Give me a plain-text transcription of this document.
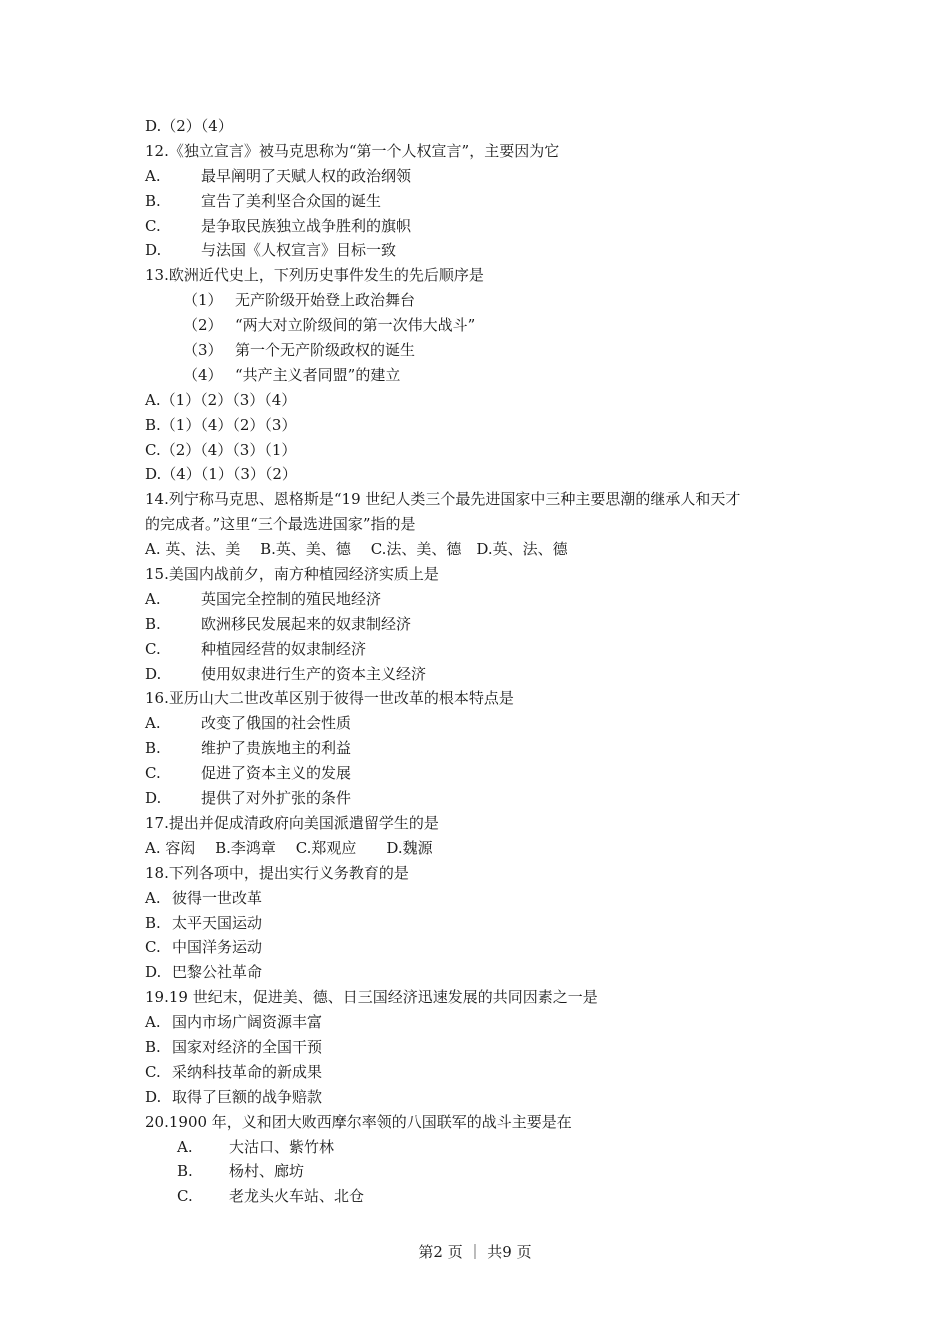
D.（2）（4）
12.《独立宣言》被马克思称为“第一个人权宣言”，主要因为它
A.	最早阐明了天赋人权的政治纲领
B.	宣告了美利坚合众国的诞生
C.	是争取民族独立战争胜利的旗帜
D.	与法国《人权宣言》目标一致
13.欧洲近代史上，下列历史事件发生的先后顺序是
（1） 无产阶级开始登上政治舞台
（2） “两大对立阶级间的第一次伟大战斗”
（3） 第一个无产阶级政权的诞生
（4） “共产主义者同盟”的建立
A.（1）（2）（3）（4）
B.（1）（4）（2）（3）
C.（2）（4）（3）（1）
D.（4）（1）（3）（2）
14.列宁称马克思、恩格斯是“19 世纪人类三个最先进国家中三种主要思潮的继承人和天才
的完成者。”这里“三个最选进国家”指的是
A. 英、法、美　 B.英、美、德　 C.法、美、德　D.英、法、德
15.美国内战前夕，南方种植园经济实质上是
A.	英国完全控制的殖民地经济
B.	欧洲移民发展起来的奴隶制经济
C.	种植园经营的奴隶制经济
D.	使用奴隶进行生产的资本主义经济
16.亚历山大二世改革区别于彼得一世改革的根本特点是
A.	改变了俄国的社会性质
B.	维护了贵族地主的利益
C.	促进了资本主义的发展
D.	提供了对外扩张的条件
17.提出并促成清政府向美国派遣留学生的是
A. 容闳　 B.李鸿章　 C.郑观应　　D.魏源
18.下列各项中，提出实行义务教育的是
A. 彼得一世改革
B. 太平天国运动
C. 中国洋务运动
D. 巴黎公社革命
19.19 世纪末，促进美、德、日三国经济迅速发展的共同因素之一是
A. 国内市场广阔资源丰富
B. 国家对经济的全国干预
C. 采纳科技革命的新成果
D. 取得了巨额的战争赔款
20.1900 年，义和团大败西摩尔率领的八国联军的战斗主要是在
A. 大沽口、紫竹林
B. 杨村、廊坊
C. 老龙头火车站、北仓
第2 页 ｜ 共9 页
